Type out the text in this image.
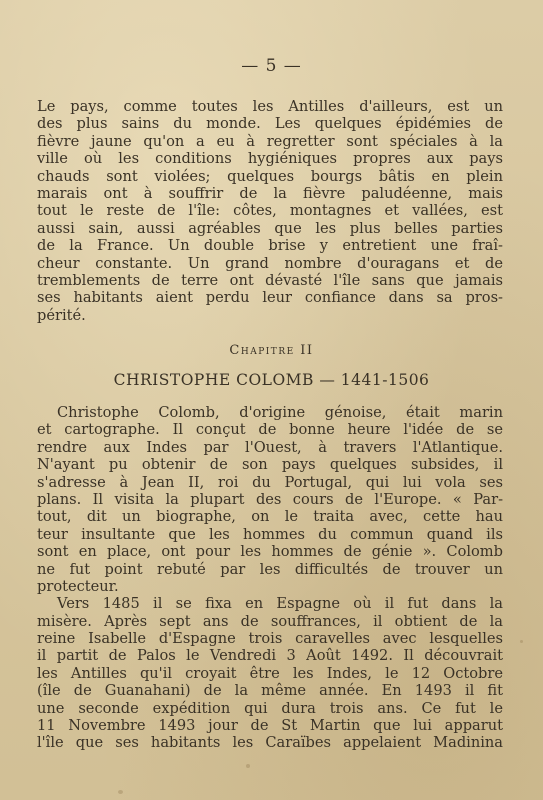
— 5 —
Le pays, comme toutes les Antilles d'ailleurs, est un
des plus sains du monde. Les quelques épidémies de
fièvre jaune qu'on a eu à regretter sont spéciales à la
ville où les conditions hygiéniques propres aux pays
chauds sont violées; quelques bourgs bâtis en plein
marais ont à souffrir de la fièvre paludéenne, mais
tout le reste de l'île: côtes, montagnes et vallées, est
aussi sain, aussi agréables que les plus belles parties
de la France. Un double brise y entretient une fraî-
cheur constante. Un grand nombre d'ouragans et de
tremblements de terre ont dévasté l'île sans que jamais
ses habitants aient perdu leur confiance dans sa pros-
périté.
Chapitre II
CHRISTOPHE COLOMB — 1441-1506
Christophe Colomb, d'origine génoise, était marin
et cartographe. Il conçut de bonne heure l'idée de se
rendre aux Indes par l'Ouest, à travers l'Atlantique.
N'ayant pu obtenir de son pays quelques subsides, il
s'adresse à Jean II, roi du Portugal, qui lui vola ses
plans. Il visita la plupart des cours de l'Europe. « Par-
tout, dit un biographe, on le traita avec, cette hau
teur insultante que les hommes du commun quand ils
sont en place, ont pour les hommes de génie ». Colomb
ne fut point rebuté par les difficultés de trouver un
protecteur.
Vers 1485 il se fixa en Espagne où il fut dans la
misère. Après sept ans de souffrances, il obtient de la
reine Isabelle d'Espagne trois caravelles avec lesquelles
il partit de Palos le Vendredi 3 Août 1492. Il découvrait
les Antilles qu'il croyait être les Indes, le 12 Octobre
(île de Guanahani) de la même année. En 1493 il fit
une seconde expédition qui dura trois ans. Ce fut le
11 Novembre 1493 jour de St Martin que lui apparut
l'île que ses habitants les Caraïbes appelaient Madinina
